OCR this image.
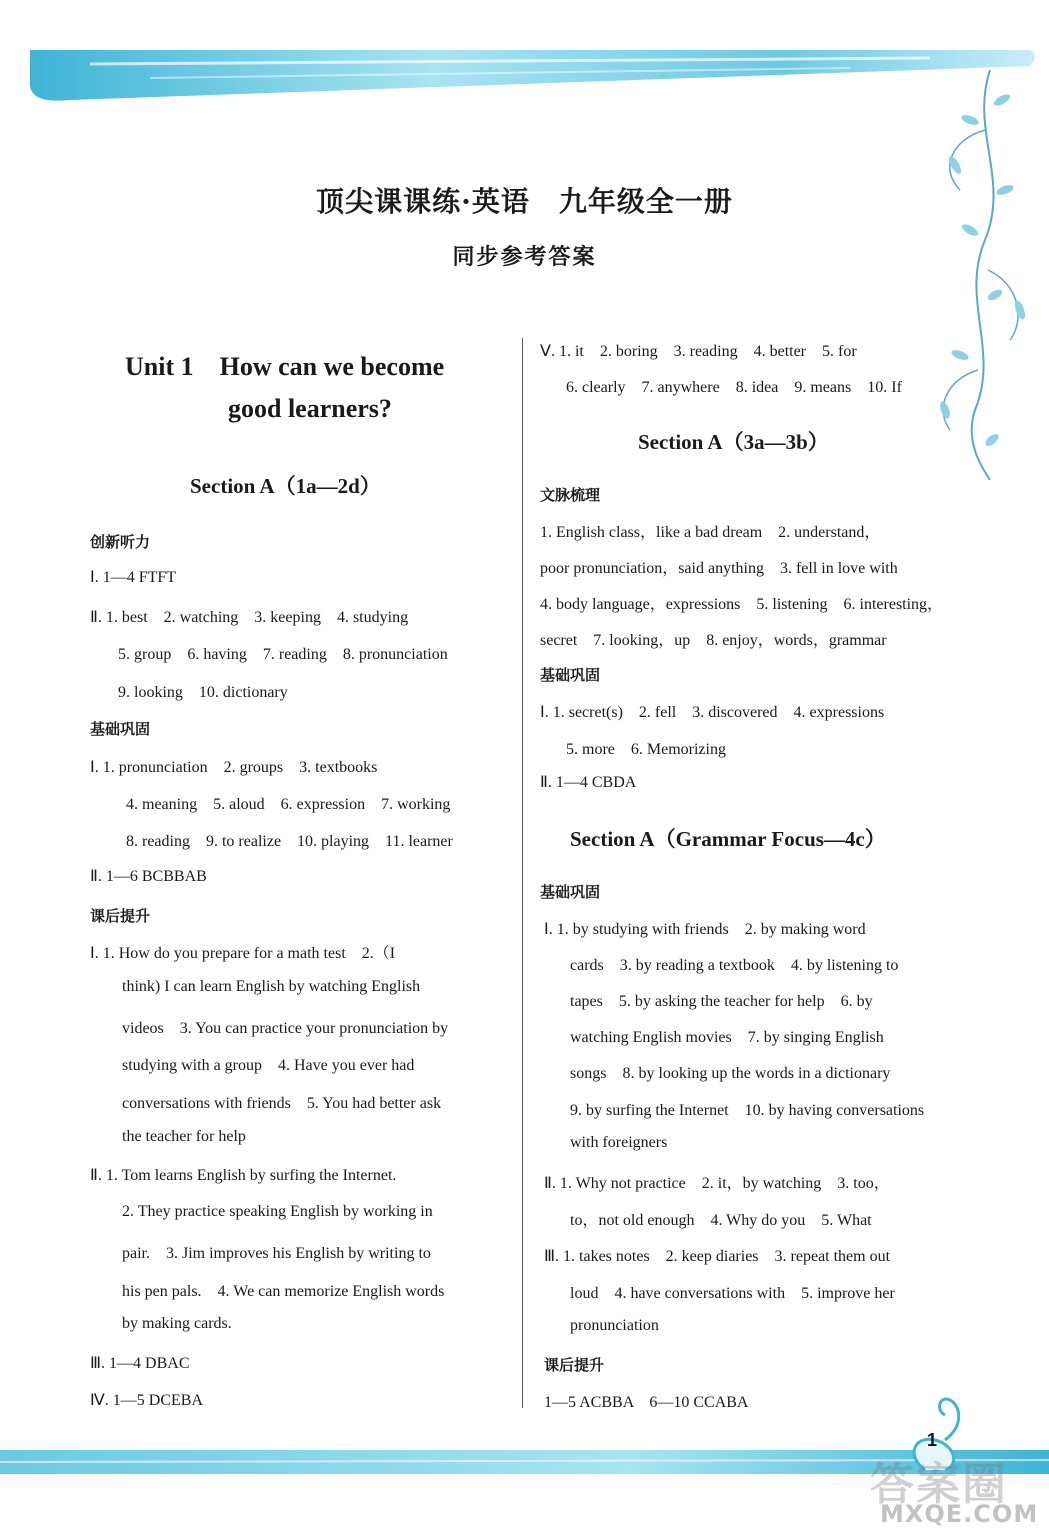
顶尖课课练·英语　九年级全一册
同步参考答案
Unit 1　How can we become
good learners?
Section A（1a—2d）
创新听力
Ⅰ. 1—4 FTFT
Ⅱ. 1. best　2. watching　3. keeping　4. studying
5. group　6. having　7. reading　8. pronunciation
9. looking　10. dictionary
基础巩固
Ⅰ. 1. pronunciation　2. groups　3. textbooks
4. meaning　5. aloud　6. expression　7. working
8. reading　9. to realize　10. playing　11. learner
Ⅱ. 1—6 BCBBAB
课后提升
Ⅰ. 1. How do you prepare for a math test　2.（I
think) I can learn English by watching English
videos　3. You can practice your pronunciation by
studying with a group　4. Have you ever had
conversations with friends　5. You had better ask
the teacher for help
Ⅱ. 1. Tom learns English by surfing the Internet.
2. They practice speaking English by working in
pair.　3. Jim improves his English by writing to
his pen pals.　4. We can memorize English words
by making cards.
Ⅲ. 1—4 DBAC
Ⅳ. 1—5 DCEBA
Ⅴ. 1. it　2. boring　3. reading　4. better　5. for
6. clearly　7. anywhere　8. idea　9. means　10. If
Section A（3a—3b）
文脉梳理
1. English class，like a bad dream　2. understand，
poor pronunciation，said anything　3. fell in love with
4. body language，expressions　5. listening　6. interesting，
secret　7. looking，up　8. enjoy，words，grammar
基础巩固
Ⅰ. 1. secret(s)　2. fell　3. discovered　4. expressions
5. more　6. Memorizing
Ⅱ. 1—4 CBDA
Section A（Grammar Focus—4c）
基础巩固
Ⅰ. 1. by studying with friends　2. by making word
cards　3. by reading a textbook　4. by listening to
tapes　5. by asking the teacher for help　6. by
watching English movies　7. by singing English
songs　8. by looking up the words in a dictionary
9. by surfing the Internet　10. by having conversations
with foreigners
Ⅱ. 1. Why not practice　2. it，by watching　3. too，
to，not old enough　4. Why do you　5. What
Ⅲ. 1. takes notes　2. keep diaries　3. repeat them out
loud　4. have conversations with　5. improve her
pronunciation
课后提升
1—5 ACBBA　6—10 CCABA
1
答案圈
MXQE.COM
